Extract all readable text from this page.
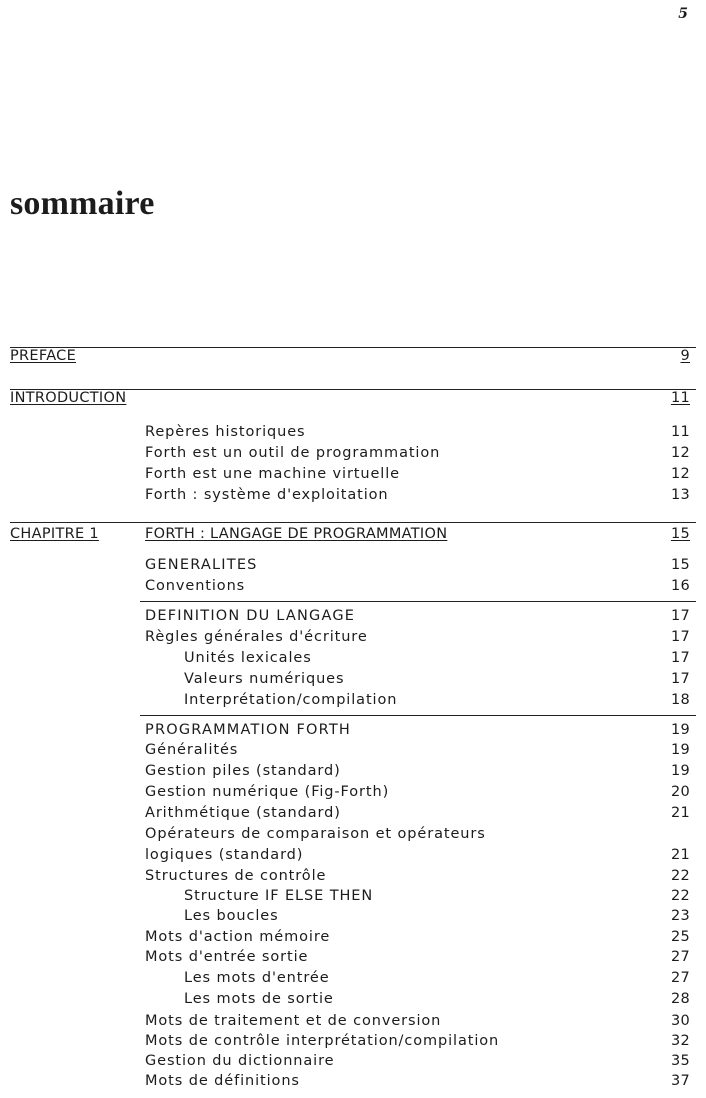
5
sommaire
PREFACE	9
INTRODUCTION	11
Repères historiques	11
Forth est un outil de programmation	12
Forth est une machine virtuelle	12
Forth : système d'exploitation	13
CHAPITRE 1	FORTH : LANGAGE DE PROGRAMMATION	15
GENERALITES	15
Conventions	16
DEFINITION DU LANGAGE	17
Règles générales d'écriture	17
Unités lexicales	17
Valeurs numériques	17
Interprétation/compilation	18
PROGRAMMATION FORTH	19
Généralités	19
Gestion piles (standard)	19
Gestion numérique (Fig-Forth)	20
Arithmétique (standard)	21
Opérateurs de comparaison et opérateurs
logiques (standard)	21
Structures de contrôle	22
Structure IF ELSE THEN	22
Les boucles	23
Mots d'action mémoire	25
Mots d'entrée sortie	27
Les mots d'entrée	27
Les mots de sortie	28
Mots de traitement et de conversion	30
Mots de contrôle interprétation/compilation	32
Gestion du dictionnaire	35
Mots de définitions	37
